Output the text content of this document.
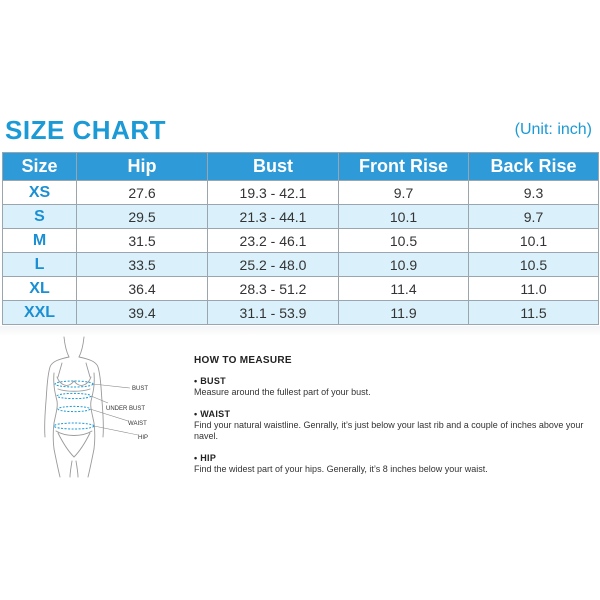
SIZE CHART	(Unit: inch)
Size	Hip	Bust	Front Rise	Back Rise
XS	27.6	19.3 - 42.1	9.7	9.3
S	29.5	21.3 - 44.1	10.1	9.7
M	31.5	23.2 - 46.1	10.5	10.1
L	33.5	25.2 - 48.0	10.9	10.5
XL	36.4	28.3 - 51.2	11.4	11.0
XXL	39.4	31.1 - 53.9	11.9	11.5
BUST
UNDER BUST
WAIST
HIP
HOW TO MEASURE
• BUST
Measure around the fullest part of your bust.
• WAIST
Find your natural waistline. Genrally, it’s just below your last rib and a couple of inches above your navel.
• HIP
Find the widest part of your hips. Generally, it’s 8 inches below your waist.
